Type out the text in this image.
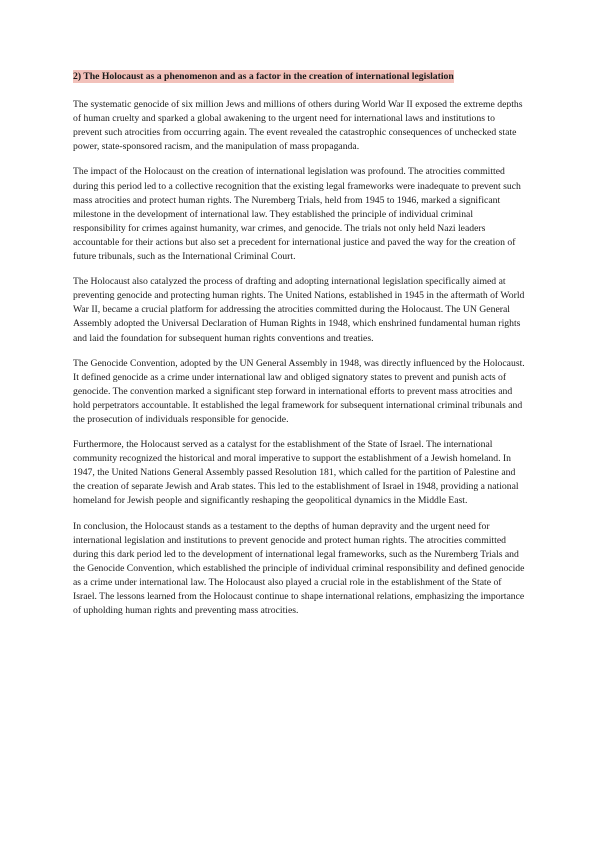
2) The Holocaust as a phenomenon and as a factor in the creation of international legislation

The systematic genocide of six million Jews and millions of others during World War II exposed the extreme depths of human cruelty and sparked a global awakening to the urgent need for international laws and institutions to prevent such atrocities from occurring again. The event revealed the catastrophic consequences of unchecked state power, state-sponsored racism, and the manipulation of mass propaganda.

The impact of the Holocaust on the creation of international legislation was profound. The atrocities committed during this period led to a collective recognition that the existing legal frameworks were inadequate to prevent such mass atrocities and protect human rights. The Nuremberg Trials, held from 1945 to 1946, marked a significant milestone in the development of international law. They established the principle of individual criminal responsibility for crimes against humanity, war crimes, and genocide. The trials not only held Nazi leaders accountable for their actions but also set a precedent for international justice and paved the way for the creation of future tribunals, such as the International Criminal Court.

The Holocaust also catalyzed the process of drafting and adopting international legislation specifically aimed at preventing genocide and protecting human rights. The United Nations, established in 1945 in the aftermath of World War II, became a crucial platform for addressing the atrocities committed during the Holocaust. The UN General Assembly adopted the Universal Declaration of Human Rights in 1948, which enshrined fundamental human rights and laid the foundation for subsequent human rights conventions and treaties.

The Genocide Convention, adopted by the UN General Assembly in 1948, was directly influenced by the Holocaust. It defined genocide as a crime under international law and obliged signatory states to prevent and punish acts of genocide. The convention marked a significant step forward in international efforts to prevent mass atrocities and hold perpetrators accountable. It established the legal framework for subsequent international criminal tribunals and the prosecution of individuals responsible for genocide.

Furthermore, the Holocaust served as a catalyst for the establishment of the State of Israel. The international community recognized the historical and moral imperative to support the establishment of a Jewish homeland. In 1947, the United Nations General Assembly passed Resolution 181, which called for the partition of Palestine and the creation of separate Jewish and Arab states. This led to the establishment of Israel in 1948, providing a national homeland for Jewish people and significantly reshaping the geopolitical dynamics in the Middle East.

In conclusion, the Holocaust stands as a testament to the depths of human depravity and the urgent need for international legislation and institutions to prevent genocide and protect human rights. The atrocities committed during this dark period led to the development of international legal frameworks, such as the Nuremberg Trials and the Genocide Convention, which established the principle of individual criminal responsibility and defined genocide as a crime under international law. The Holocaust also played a crucial role in the establishment of the State of Israel. The lessons learned from the Holocaust continue to shape international relations, emphasizing the importance of upholding human rights and preventing mass atrocities.
